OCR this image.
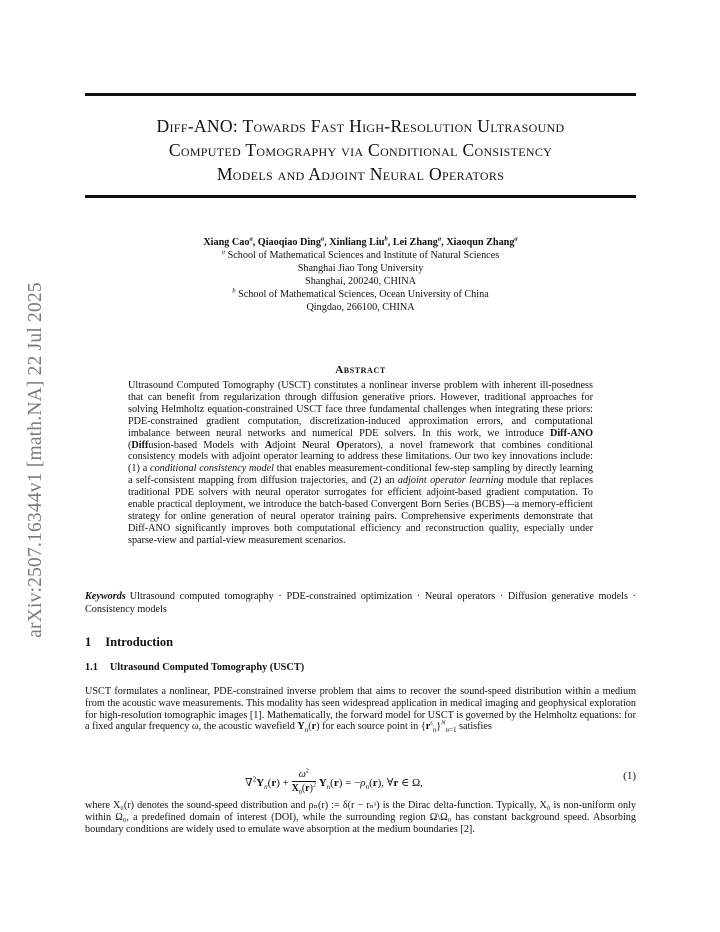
arXiv:2507.16344v1 [math.NA] 22 Jul 2025
Diff-ANO: Towards Fast High-Resolution Ultrasound
Computed Tomography via Conditional Consistency
Models and Adjoint Neural Operators
Xiang Cao$^a$, Qiaoqiao Ding$^a$, Xinliang Liu$^b$, Lei Zhang$^a$, Xiaoqun Zhang$^a$
$^a$ School of Mathematical Sciences and Institute of Natural Sciences
Shanghai Jiao Tong University
Shanghai, 200240, CHINA
$^b$ School of Mathematical Sciences, Ocean University of China
Qingdao, 266100, CHINA
Abstract

Ultrasound Computed Tomography (USCT) constitutes a nonlinear inverse problem with inherent ill-posedness that can benefit from regularization through diffusion generative priors. However, traditional approaches for solving Helmholtz equation-constrained USCT face three fundamental challenges when integrating these priors: PDE-constrained gradient computation, discretization-induced approximation errors, and computational imbalance between neural networks and numerical PDE solvers. In this work, we introduce Diff-ANO (Diffusion-based Models with Adjoint Neural Operators), a novel framework that combines conditional consistency models with adjoint operator learning to address these limitations. Our two key innovations include: (1) a conditional consistency model that enables measurement-conditional few-step sampling by directly learning a self-consistent mapping from diffusion trajectories, and (2) an adjoint operator learning module that replaces traditional PDE solvers with neural operator surrogates for efficient adjoint-based gradient computation. To enable practical deployment, we introduce the batch-based Convergent Born Series (BCBS)—a memory-efficient strategy for online generation of neural operator training pairs. Comprehensive experiments demonstrate that Diff-ANO significantly improves both computational efficiency and reconstruction quality, especially under sparse-view and partial-view measurement scenarios.

Keywords Ultrasound computed tomography · PDE-constrained optimization · Neural operators · Diffusion generative models · Consistency models
1 Introduction
1.1 Ultrasound Computed Tomography (USCT)

USCT formulates a nonlinear, PDE-constrained inverse problem that aims to recover the sound-speed distribution within a medium from the acoustic wave measurements. This modality has seen widespread application in medical imaging and geophysical exploration for high-resolution tomographic images [1]. Mathematically, the forward model for USCT is governed by the Helmholtz equations: for a fixed angular frequency ω, the acoustic wavefield $Y_n(r)$ for each source point in $\{r^s_n\}^N_{n=1}$ satisfies

$\nabla^2Y_n(r) + \frac{\omega^2}{X_0(r)^2} Y_n(r) = -\rho_n(r)$, ∀r ∈ Ω,
(1)

where X₀(r) denotes the sound-speed distribution and ρₙ(r) := δ(r − rₙˢ) is the Dirac delta-function. Typically, X₀ is non-uniform only within Ω₀, a predefined domain of interest (DOI), while the surrounding region Ω\Ω₀ has constant background speed. Absorbing boundary conditions are widely used to emulate wave absorption at the medium boundaries [2].
